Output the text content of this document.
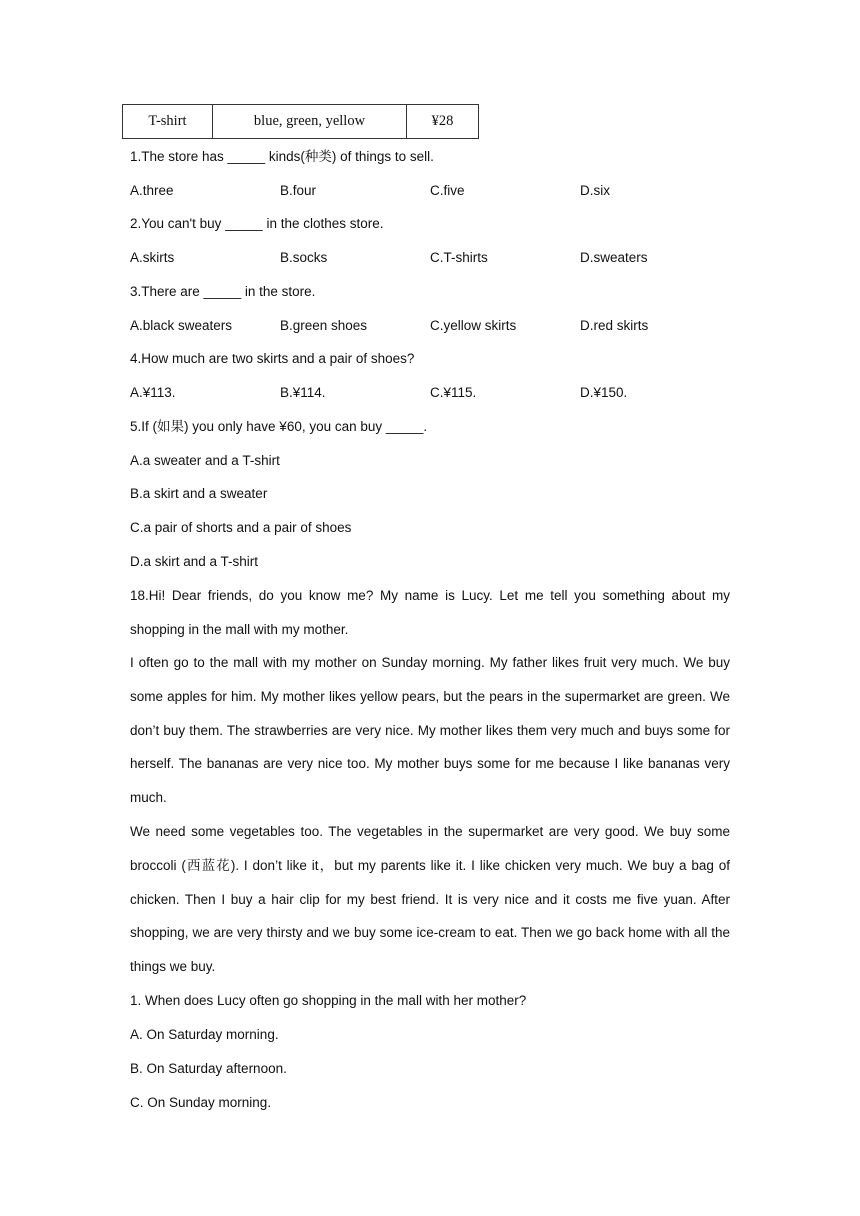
T-shirt	blue, green, yellow	¥28
1.The store has _____ kinds(种类) of things to sell.
A.three	B.four	C.five	D.six
2.You can't buy _____ in the clothes store.
A.skirts	B.socks	C.T-shirts	D.sweaters
3.There are _____ in the store.
A.black sweaters	B.green shoes	C.yellow skirts	D.red skirts
4.How much are two skirts and a pair of shoes?
A.¥113.	B.¥114.	C.¥115.	D.¥150.
5.If (如果) you only have ¥60, you can buy _____.
A.a sweater and a T-shirt
B.a skirt and a sweater
C.a pair of shorts and a pair of shoes
D.a skirt and a T-shirt
18.Hi! Dear friends, do you know me? My name is Lucy. Let me tell you something about my shopping in the mall with my mother.
I often go to the mall with my mother on Sunday morning. My father likes fruit very much. We buy some apples for him. My mother likes yellow pears, but the pears in the supermarket are green. We don’t buy them. The strawberries are very nice. My mother likes them very much and buys some for herself. The bananas are very nice too. My mother buys some for me because I like bananas very much.
We need some vegetables too. The vegetables in the supermarket are very good. We buy some broccoli (西蓝花). I don’t like it，but my parents like it. I like chicken very much. We buy a bag of chicken. Then I buy a hair clip for my best friend. It is very nice and it costs me five yuan. After shopping, we are very thirsty and we buy some ice-cream to eat. Then we go back home with all the things we buy.
1. When does Lucy often go shopping in the mall with her mother?
A. On Saturday morning.
B. On Saturday afternoon.
C. On Sunday morning.
